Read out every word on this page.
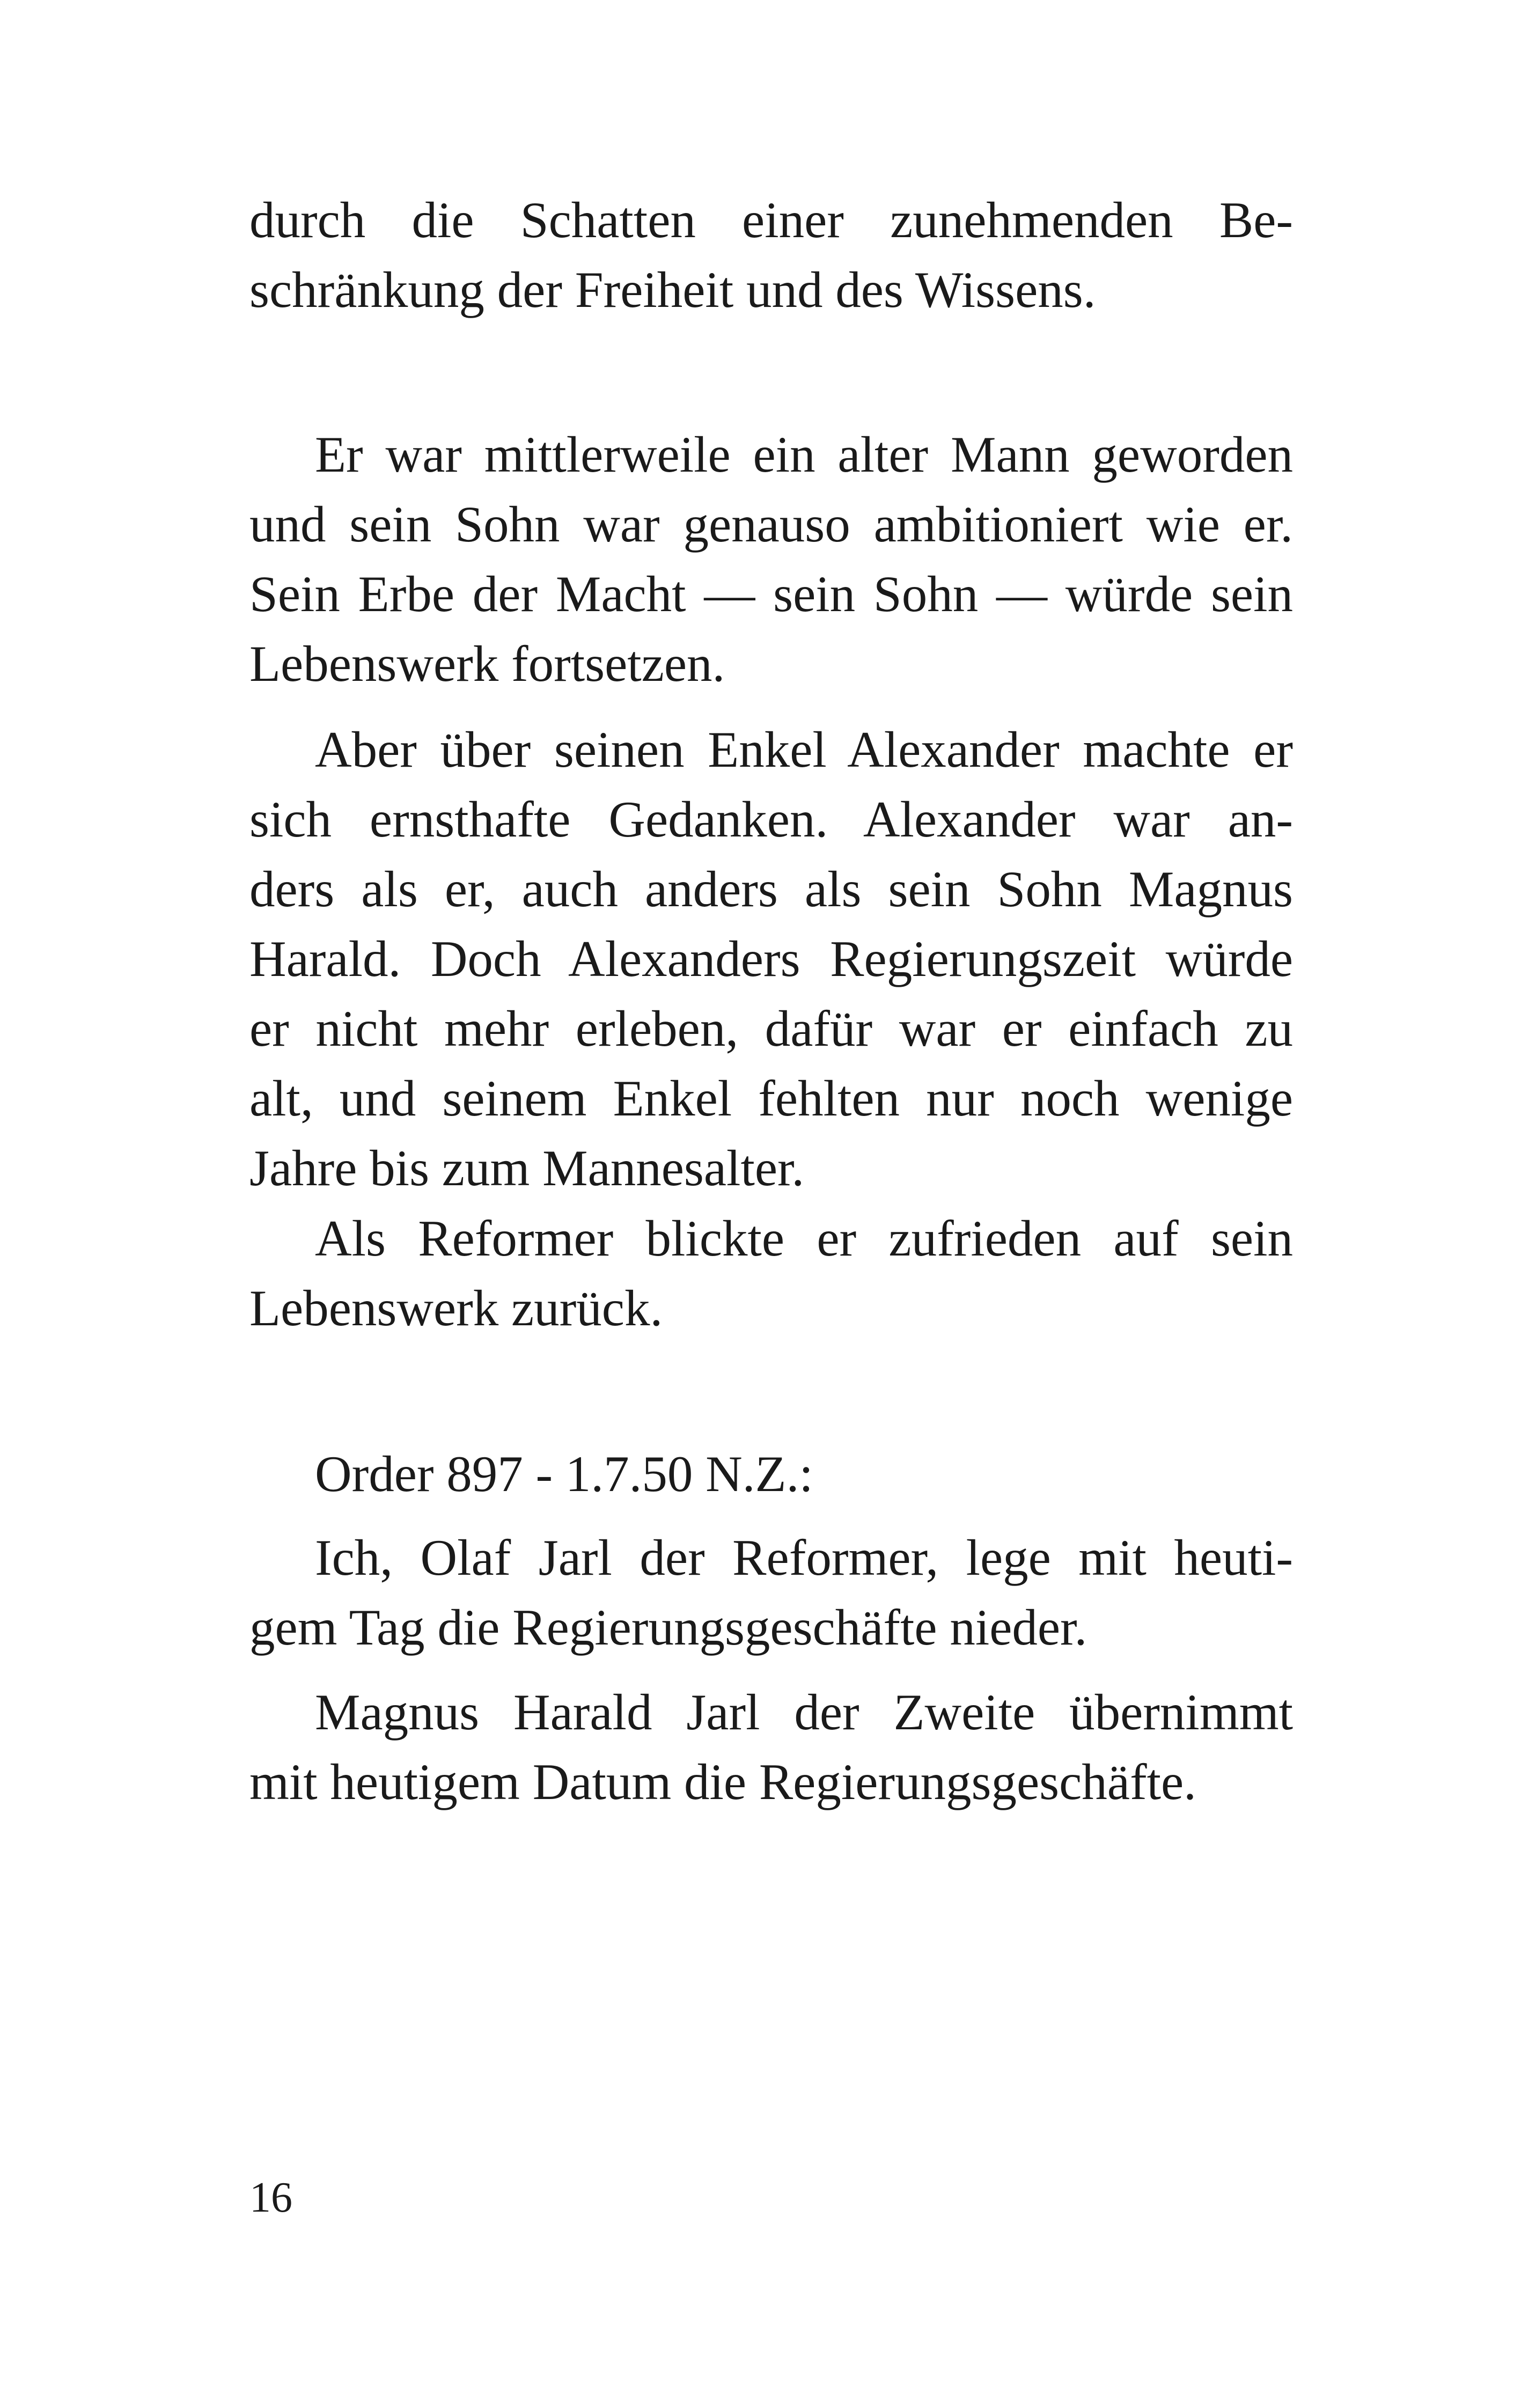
durch die Schatten einer zunehmenden Be-
schränkung der Freiheit und des Wissens.
Er war mittlerweile ein alter Mann geworden
und sein Sohn war genauso ambitioniert wie er.
Sein Erbe der Macht — sein Sohn — würde sein
Lebenswerk fortsetzen.
Aber über seinen Enkel Alexander machte er
sich ernsthafte Gedanken. Alexander war an-
ders als er, auch anders als sein Sohn Magnus
Harald. Doch Alexanders Regierungszeit würde
er nicht mehr erleben, dafür war er einfach zu
alt, und seinem Enkel fehlten nur noch wenige
Jahre bis zum Mannesalter.
Als Reformer blickte er zufrieden auf sein
Lebenswerk zurück.
Order 897 - 1.7.50 N.Z.:
Ich, Olaf Jarl der Reformer, lege mit heuti-
gem Tag die Regierungsgeschäfte nieder.
Magnus Harald Jarl der Zweite übernimmt
mit heutigem Datum die Regierungsgeschäfte.
16
